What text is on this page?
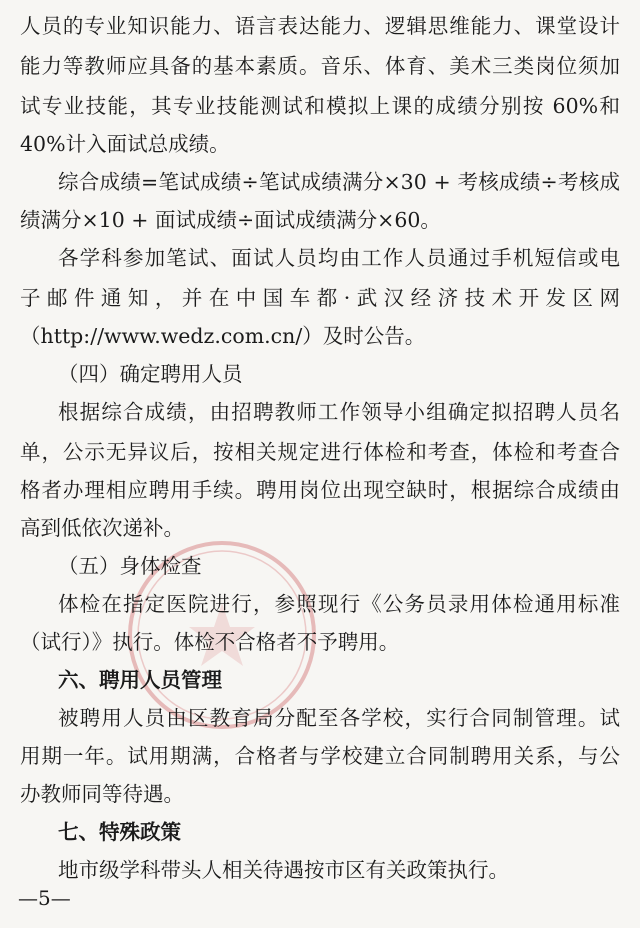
人员的专业知识能力、语言表达能力、逻辑思维能力、课堂设计
能力等教师应具备的基本素质。音乐、体育、美术三类岗位须加
试专业技能，其专业技能测试和模拟上课的成绩分别按 60%和
40%计入面试总成绩。
综合成绩=笔试成绩÷笔试成绩满分×30 + 考核成绩÷考核成
绩满分×10 + 面试成绩÷面试成绩满分×60。
各学科参加笔试、面试人员均由工作人员通过手机短信或电
子邮件通知，并在中国车都·武汉经济技术开发区网
（http://www.wedz.com.cn/）及时公告。
（四）确定聘用人员
根据综合成绩，由招聘教师工作领导小组确定拟招聘人员名
单，公示无异议后，按相关规定进行体检和考查，体检和考查合
格者办理相应聘用手续。聘用岗位出现空缺时，根据综合成绩由
高到低依次递补。
（五）身体检查
体检在指定医院进行，参照现行《公务员录用体检通用标准
（试行）》执行。体检不合格者不予聘用。
六、聘用人员管理
被聘用人员由区教育局分配至各学校，实行合同制管理。试
用期一年。试用期满，合格者与学校建立合同制聘用关系，与公
办教师同等待遇。
七、特殊政策
地市级学科带头人相关待遇按市区有关政策执行。
—5—
